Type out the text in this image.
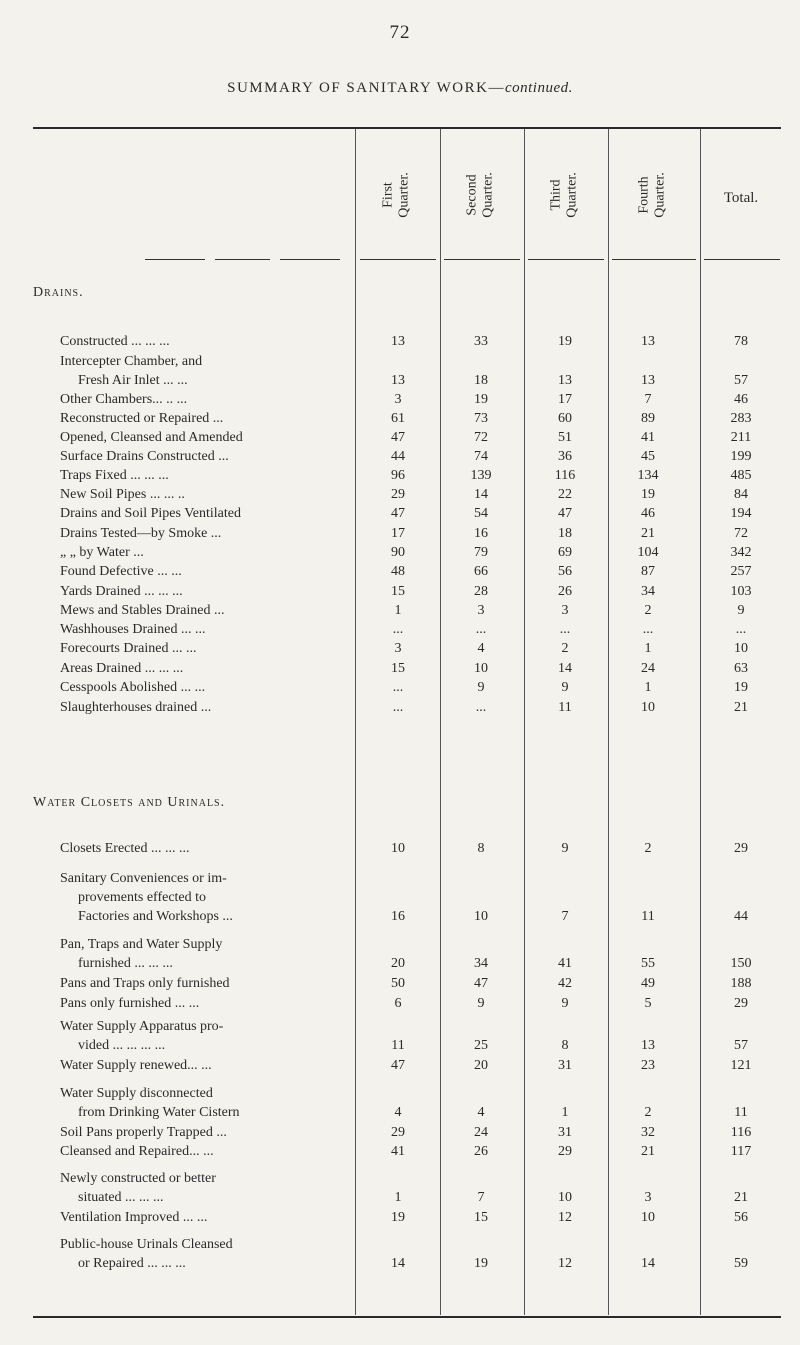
72
SUMMARY OF SANITARY WORK—continued.
First
Quarter.	Second
Quarter.	Third
Quarter.	Fourth
Quarter.	Total.
Drains.
Constructed ... ... ...	13	33	19	13	78
Intercepter Chamber, and
Fresh Air Inlet ... ...	13	18	13	13	57
Other Chambers... .. ...	3	19	17	7	46
Reconstructed or Repaired ...	61	73	60	89	283
Opened, Cleansed and Amended	47	72	51	41	211
Surface Drains Constructed ...	44	74	36	45	199
Traps Fixed ... ... ...	96	139	116	134	485
New Soil Pipes ... ... ..	29	14	22	19	84
Drains and Soil Pipes Ventilated	47	54	47	46	194
Drains Tested—by Smoke ...	17	16	18	21	72
„ „ by Water ...	90	79	69	104	342
Found Defective ... ...	48	66	56	87	257
Yards Drained ... ... ...	15	28	26	34	103
Mews and Stables Drained ...	1	3	3	2	9
Washhouses Drained ... ...	...	...	...	...	...
Forecourts Drained ... ...	3	4	2	1	10
Areas Drained ... ... ...	15	10	14	24	63
Cesspools Abolished ... ...	...	9	9	1	19
Slaughterhouses drained ...	...	...	11	10	21
Water Closets and Urinals.
Closets Erected ... ... ...	10	8	9	2	29
Sanitary Conveniences or im-
provements effected to
Factories and Workshops ...	16	10	7	11	44
Pan, Traps and Water Supply
furnished ... ... ...	20	34	41	55	150
Pans and Traps only furnished	50	47	42	49	188
Pans only furnished ... ...	6	9	9	5	29
Water Supply Apparatus pro-
vided ... ... ... ...	11	25	8	13	57
Water Supply renewed... ...	47	20	31	23	121
Water Supply disconnected
from Drinking Water Cistern	4	4	1	2	11
Soil Pans properly Trapped ...	29	24	31	32	116
Cleansed and Repaired... ...	41	26	29	21	117
Newly constructed or better
situated ... ... ...	1	7	10	3	21
Ventilation Improved ... ...	19	15	12	10	56
Public-house Urinals Cleansed
or Repaired ... ... ...	14	19	12	14	59
